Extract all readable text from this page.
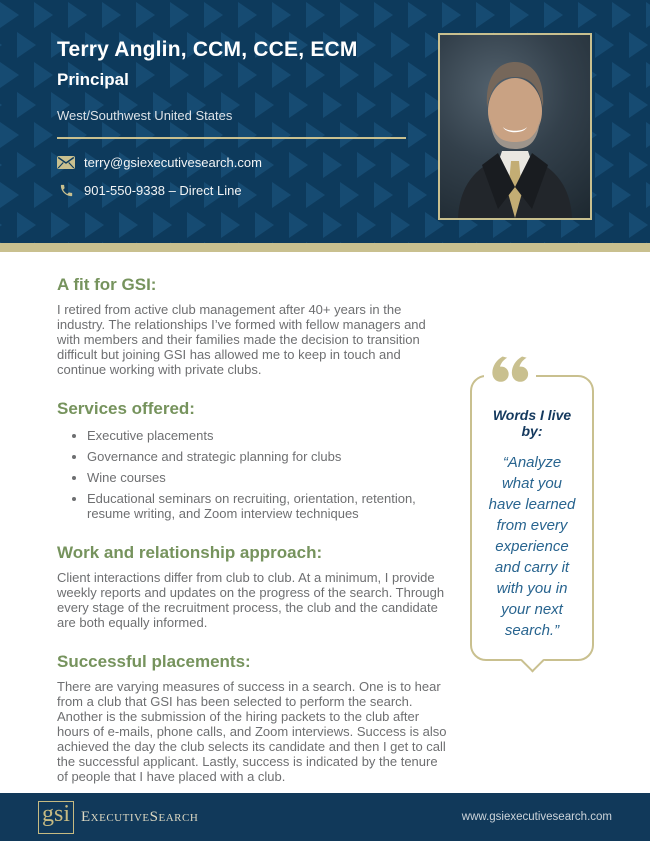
Terry Anglin, CCM, CCE, ECM
Principal
West/Southwest United States
terry@gsiexecutivesearch.com
901-550-9338 – Direct Line
A fit for GSI:

I retired from active club management after 40+ years in the industry. The relationships I’ve formed with fellow managers and with members and their families made the decision to transition difficult but joining GSI has allowed me to keep in touch and continue working with private clubs.

Services offered:
• Executive placements
• Governance and strategic planning for clubs
• Wine courses
• Educational seminars on recruiting, orientation, retention, resume writing, and Zoom interview techniques
Work and relationship approach:

Client interactions differ from club to club. At a minimum, I provide weekly reports and updates on the progress of the search. Through every stage of the recruitment process, the club and the candidate are both equally informed.

Successful placements:

There are varying measures of success in a search. One is to hear from a club that GSI has been selected to perform the search. Another is the submission of the hiring packets to the club after hours of e-mails, phone calls, and Zoom interviews. Success is also achieved the day the club selects its candidate and then I get to call the successful applicant. Lastly, success is indicated by the tenure of people that I have placed with a club.

Words I live by:

“Analyze what you have learned from every experience and carry it with you in your next search.”

gsi ExecutiveSearch	www.gsiexecutivesearch.com
